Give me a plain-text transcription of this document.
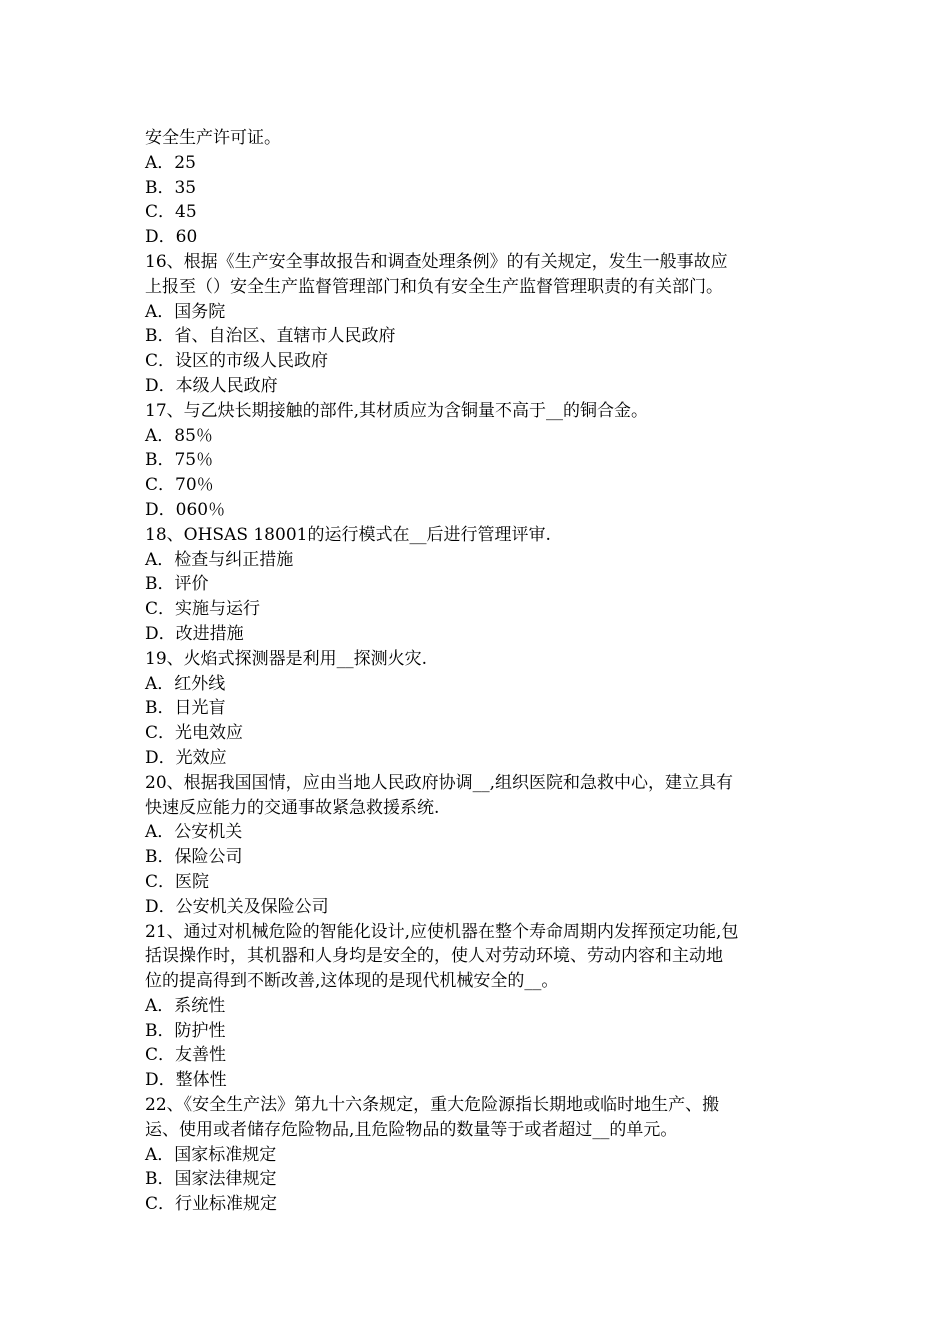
安全生产许可证。
A．25
B．35
C．45
D．60
16、根据《生产安全事故报告和调查处理条例》的有关规定，发生一般事故应
上报至（）安全生产监督管理部门和负有安全生产监督管理职责的有关部门。
A．国务院
B．省、自治区、直辖市人民政府
C．设区的市级人民政府
D．本级人民政府
17、与乙炔长期接触的部件,其材质应为含铜量不高于__的铜合金。
A．85％
B．75％
C．70％
D．060％
18、OHSAS 18001的运行模式在__后进行管理评审.
A．检查与纠正措施
B．评价
C．实施与运行
D．改进措施
19、火焰式探测器是利用__探测火灾.
A．红外线
B．日光盲
C．光电效应
D．光效应
20、根据我国国情，应由当地人民政府协调__,组织医院和急救中心，建立具有
快速反应能力的交通事故紧急救援系统.
A．公安机关
B．保险公司
C．医院
D．公安机关及保险公司
21、通过对机械危险的智能化设计,应使机器在整个寿命周期内发挥预定功能,包
括误操作时，其机器和人身均是安全的，使人对劳动环境、劳动内容和主动地
位的提高得到不断改善,这体现的是现代机械安全的__。
A．系统性
B．防护性
C．友善性
D．整体性
22、《安全生产法》第九十六条规定，重大危险源指长期地或临时地生产、搬
运、使用或者储存危险物品,且危险物品的数量等于或者超过__的单元。
A．国家标准规定
B．国家法律规定
C．行业标准规定
